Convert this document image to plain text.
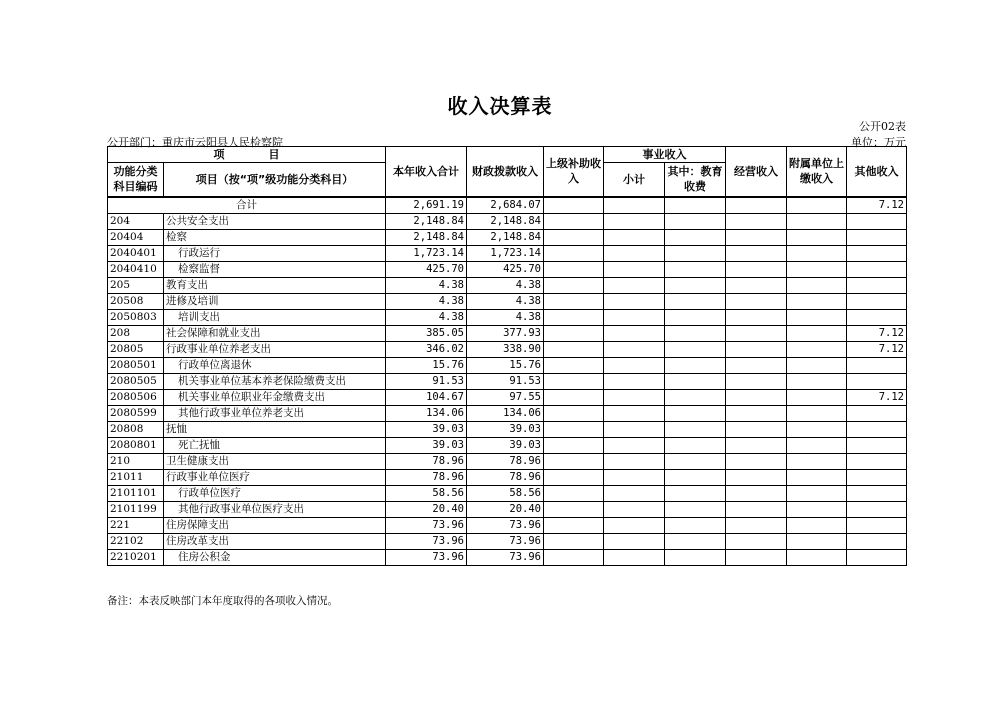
收入决算表
公开02表
公开部门：重庆市云阳县人民检察院	单位：万元
项　　　　目		本年收入合计	财政拨款收入	上级补助收入	事业收入		经营收入	附属单位上缴收入	其他收入
功能分类科目编码	项目（按“项”级功能分类科目）				小计	其中：教育收费			

合计		2,691.19	2,684.07						7.12
204	公共安全支出	2,148.84	2,148.84						
20404	检察	2,148.84	2,148.84						
2040401	行政运行	1,723.14	1,723.14						
2040410	检察监督	425.70	425.70						
205	教育支出	4.38	4.38						
20508	进修及培训	4.38	4.38						
2050803	培训支出	4.38	4.38						
208	社会保障和就业支出	385.05	377.93						7.12
20805	行政事业单位养老支出	346.02	338.90						7.12
2080501	行政单位离退休	15.76	15.76						
2080505	机关事业单位基本养老保险缴费支出	91.53	91.53						
2080506	机关事业单位职业年金缴费支出	104.67	97.55						7.12
2080599	其他行政事业单位养老支出	134.06	134.06						
20808	抚恤	39.03	39.03						
2080801	死亡抚恤	39.03	39.03						
210	卫生健康支出	78.96	78.96						
21011	行政事业单位医疗	78.96	78.96						
2101101	行政单位医疗	58.56	58.56						
2101199	其他行政事业单位医疗支出	20.40	20.40						
221	住房保障支出	73.96	73.96						
22102	住房改革支出	73.96	73.96						
2210201	住房公积金	73.96	73.96						
备注：本表反映部门本年度取得的各项收入情况。
